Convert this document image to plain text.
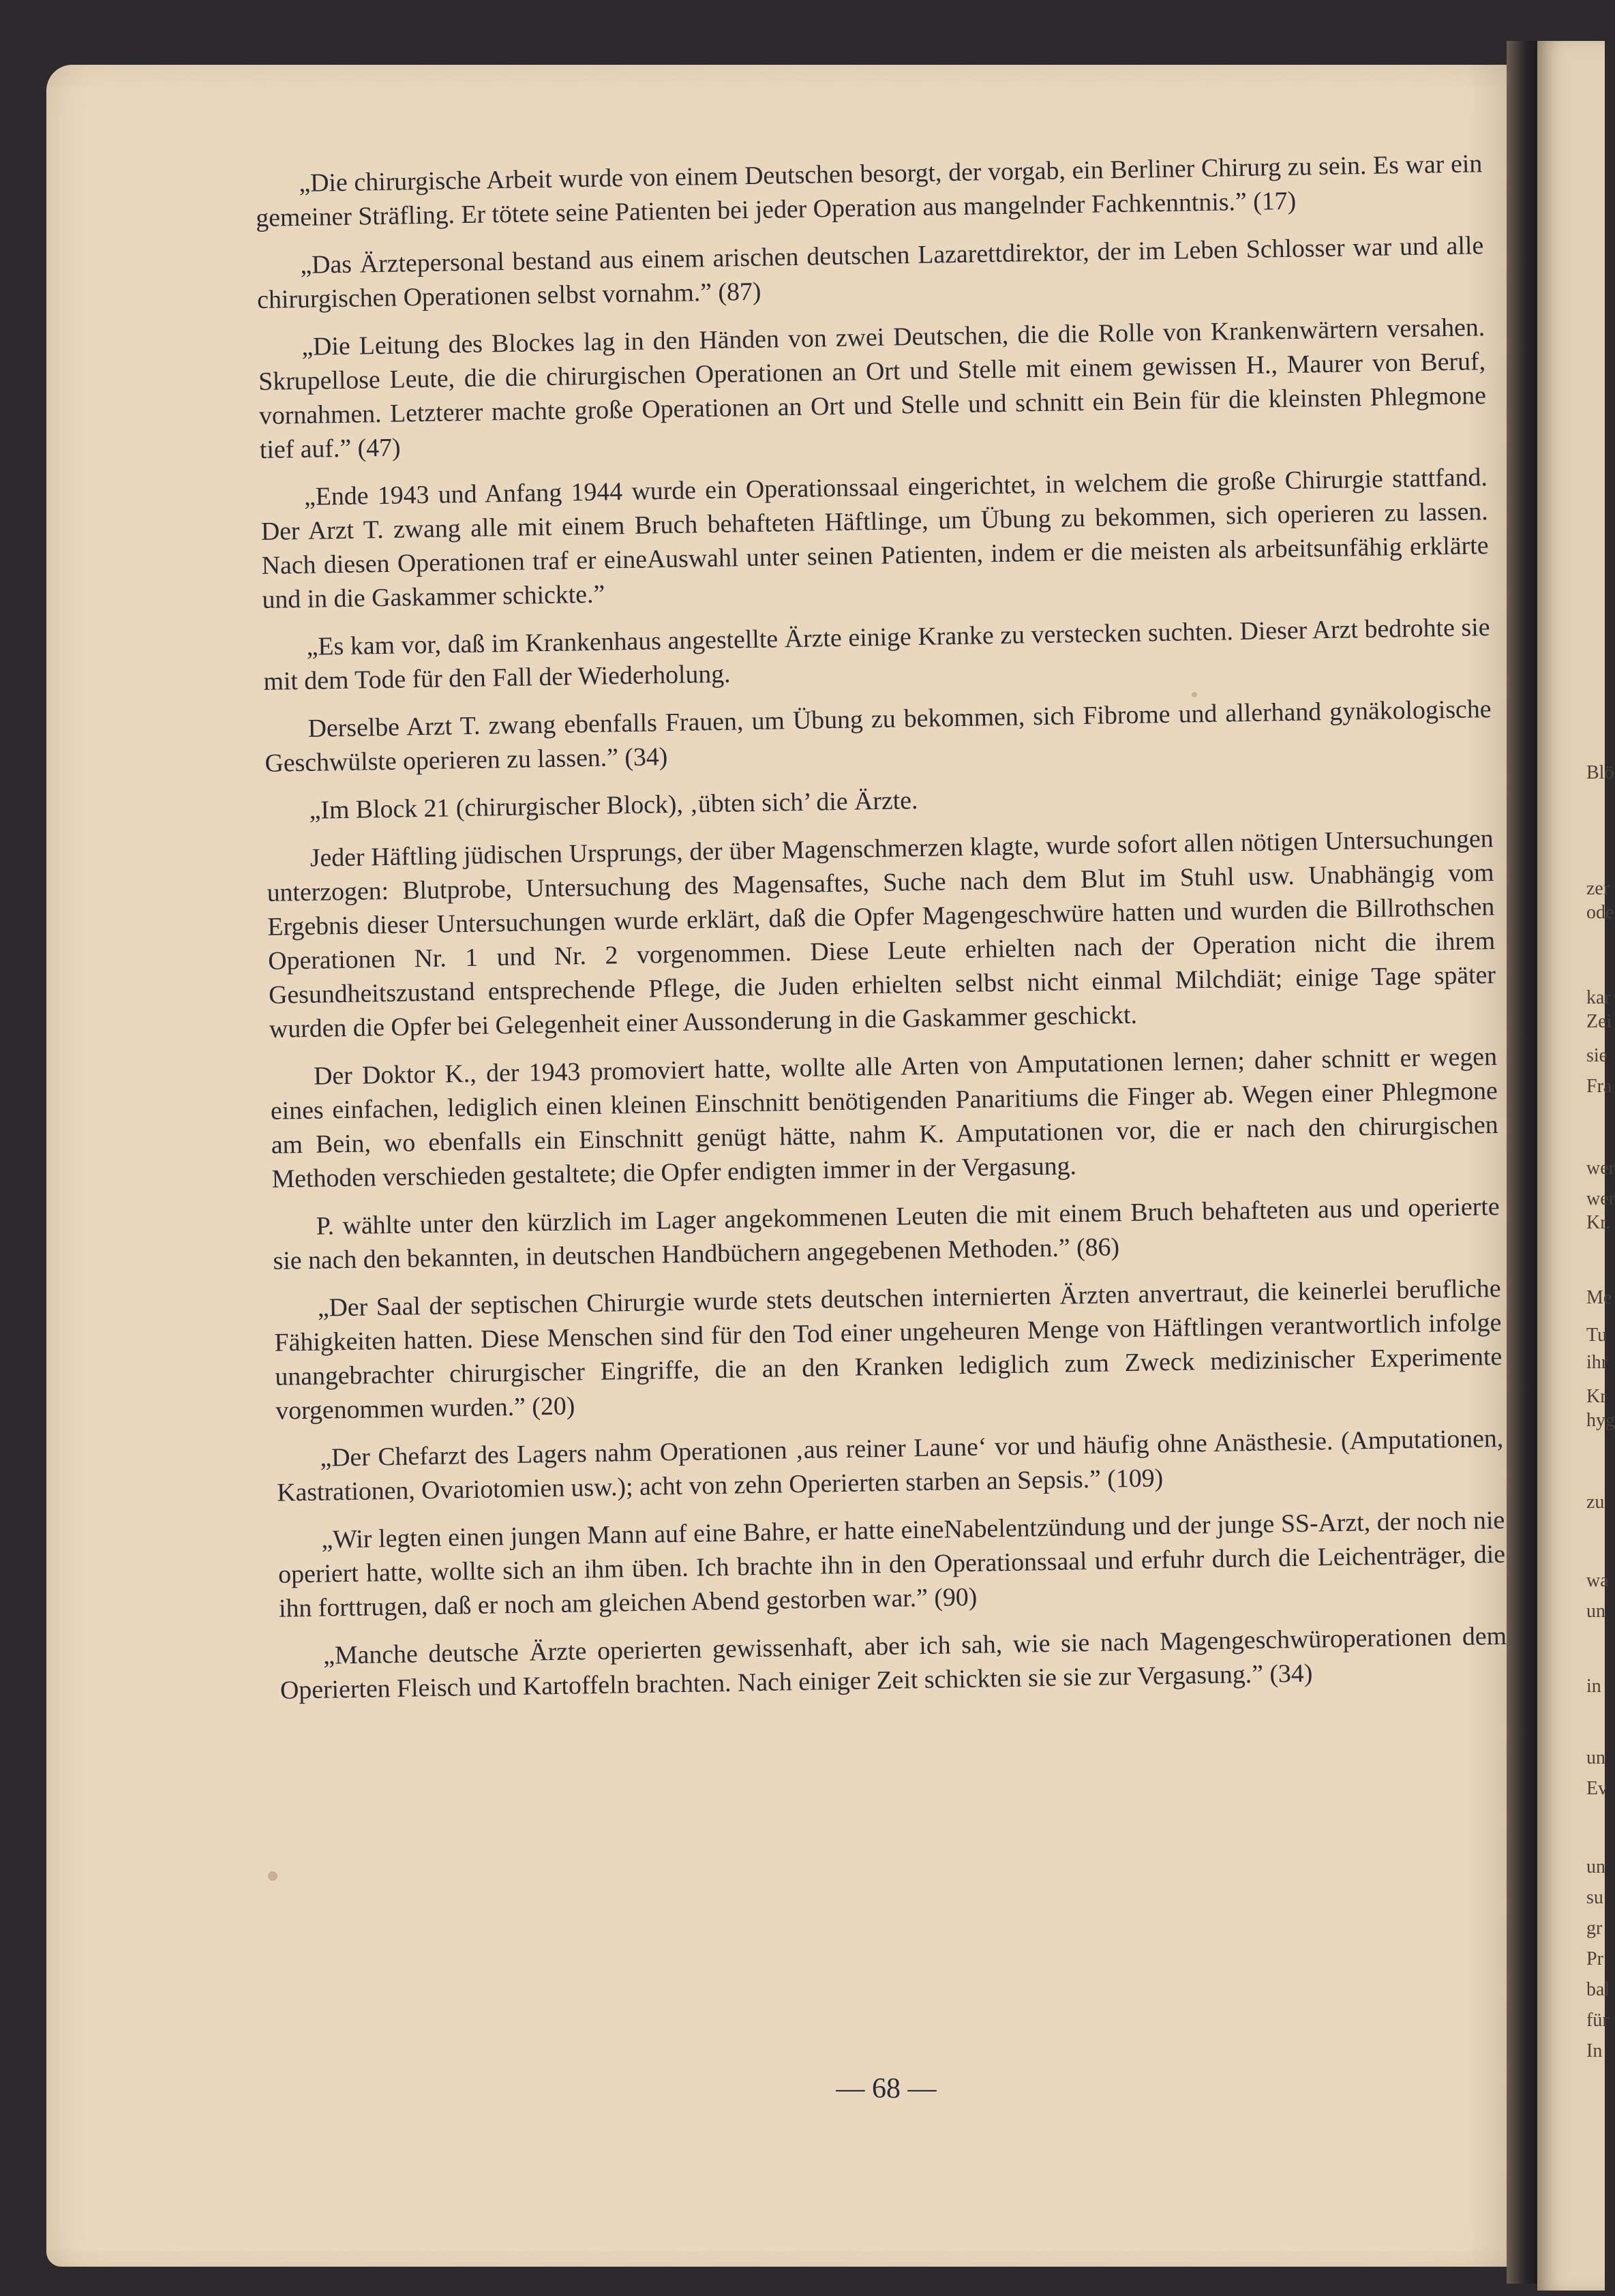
Blö
zer
ode
kar
Zei
sie
Fra
wer
wer
Kr.
Me
Tu
ihr
Kr
hyg
zu
wa
un
in
un
Ev
un
su
gr
Pr
bal
für
In

„Die chirurgische Arbeit wurde von einem Deutschen besorgt, der vorgab, ein Berliner Chirurg zu sein. Es war ein gemeiner Sträfling. Er tötete seine Patienten bei jeder Operation aus mangelnder Fachkenntnis.” (17)

„Das Ärztepersonal bestand aus einem arischen deutschen Lazarettdirektor, der im Leben Schlosser war und alle chirurgischen Operationen selbst vornahm.” (87)

„Die Leitung des Blockes lag in den Händen von zwei Deutschen, die die Rolle von Krankenwärtern versahen. Skrupellose Leute, die die chirurgischen Operationen an Ort und Stelle mit einem gewissen H., Maurer von Beruf, vornahmen. Letzterer machte große Operationen an Ort und Stelle und schnitt ein Bein für die kleinsten Phlegmone tief auf.” (47)

„Ende 1943 und Anfang 1944 wurde ein Operationssaal eingerichtet, in welchem die große Chirurgie stattfand. Der Arzt T. zwang alle mit einem Bruch behafteten Häftlinge, um Übung zu bekommen, sich operieren zu lassen. Nach diesen Operationen traf er eineAuswahl unter seinen Patienten, indem er die meisten als arbeitsunfähig erklärte und in die Gaskammer schickte.”

„Es kam vor, daß im Krankenhaus angestellte Ärzte einige Kranke zu verstecken suchten. Dieser Arzt bedrohte sie mit dem Tode für den Fall der Wiederholung.

Derselbe Arzt T. zwang ebenfalls Frauen, um Übung zu bekommen, sich Fibrome und allerhand gynäkologische Geschwülste operieren zu lassen.” (34)

„Im Block 21 (chirurgischer Block), ‚übten sich’ die Ärzte.

Jeder Häftling jüdischen Ursprungs, der über Magenschmerzen klagte, wurde sofort allen nötigen Untersuchungen unterzogen: Blutprobe, Untersuchung des Magensaftes, Suche nach dem Blut im Stuhl usw. Unabhängig vom Ergebnis dieser Untersuchungen wurde erklärt, daß die Opfer Magengeschwüre hatten und wurden die Billrothschen Operationen Nr. 1 und Nr. 2 vorgenommen. Diese Leute erhielten nach der Operation nicht die ihrem Gesundheitszustand entsprechende Pflege, die Juden erhielten selbst nicht einmal Milchdiät; einige Tage später wurden die Opfer bei Gelegenheit einer Aussonderung in die Gaskammer geschickt.

Der Doktor K., der 1943 promoviert hatte, wollte alle Arten von Amputationen lernen; daher schnitt er wegen eines einfachen, lediglich einen kleinen Einschnitt benötigenden Panaritiums die Finger ab. Wegen einer Phlegmone am Bein, wo ebenfalls ein Einschnitt genügt hätte, nahm K. Amputationen vor, die er nach den chirurgischen Methoden verschieden gestaltete; die Opfer endigten immer in der Vergasung.

P. wählte unter den kürzlich im Lager angekommenen Leuten die mit einem Bruch behafteten aus und operierte sie nach den bekannten, in deutschen Handbüchern angegebenen Methoden.” (86)

„Der Saal der septischen Chirurgie wurde stets deutschen internierten Ärzten anvertraut, die keinerlei berufliche Fähigkeiten hatten. Diese Menschen sind für den Tod einer ungeheuren Menge von Häftlingen verantwortlich infolge unangebrachter chirurgischer Eingriffe, die an den Kranken lediglich zum Zweck medizinischer Experimente vorgenommen wurden.” (20)

„Der Chefarzt des Lagers nahm Operationen ‚aus reiner Laune‘ vor und häufig ohne Anästhesie. (Amputationen, Kastrationen, Ovariotomien usw.); acht von zehn Operierten starben an Sepsis.” (109)

„Wir legten einen jungen Mann auf eine Bahre, er hatte eineNabelentzündung und der junge SS-Arzt, der noch nie operiert hatte, wollte sich an ihm üben. Ich brachte ihn in den Operationssaal und erfuhr durch die Leichenträger, die ihn forttrugen, daß er noch am gleichen Abend gestorben war.” (90)

„Manche deutsche Ärzte operierten gewissenhaft, aber ich sah, wie sie nach Magengeschwüroperationen dem Operierten Fleisch und Kartoffeln brachten. Nach einiger Zeit schickten sie sie zur Vergasung.” (34)

— 68 —
